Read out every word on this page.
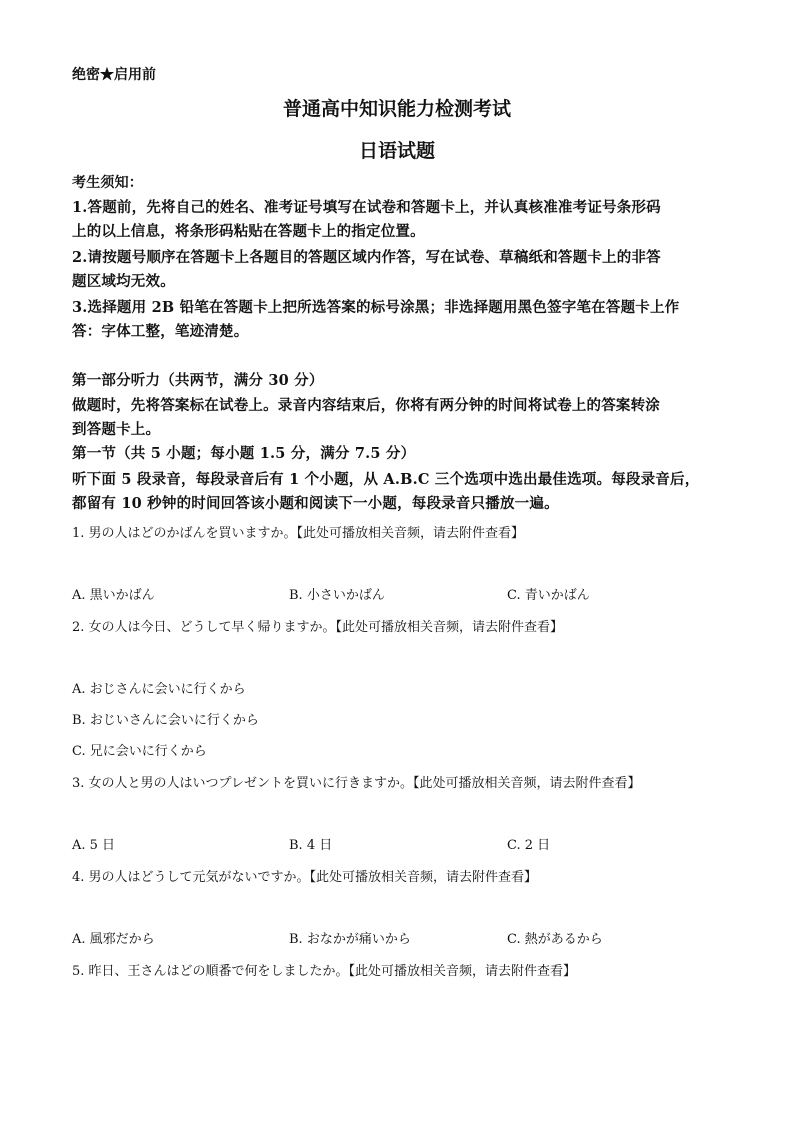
绝密★启用前
普通高中知识能力检测考试
日语试题
考生须知：
1.答题前，先将自己的姓名、准考证号填写在试卷和答题卡上，并认真核准准考证号条形码
上的以上信息，将条形码粘贴在答题卡上的指定位置。
2.请按题号顺序在答题卡上各题目的答题区域内作答，写在试卷、草稿纸和答题卡上的非答
题区域均无效。
3.选择题用 2B 铅笔在答题卡上把所选答案的标号涂黑；非选择题用黑色签字笔在答题卡上作
答：字体工整，笔迹清楚。
第一部分听力（共两节，满分 30 分）
做题时，先将答案标在试卷上。录音内容结束后，你将有两分钟的时间将试卷上的答案转涂
到答题卡上。
第一节（共 5 小题；每小题 1.5 分，满分 7.5 分）
听下面 5 段录音，每段录音后有 1 个小题，从 A.B.C 三个选项中选出最佳选项。每段录音后，
都留有 10 秒钟的时间回答该小题和阅读下一小题，每段录音只播放一遍。
1. 男の人はどのかばんを買いますか。【此处可播放相关音频，请去附件查看】
A. 黒いかばん	B. 小さいかばん	C. 青いかばん
2. 女の人は今日、どうして早く帰りますか。【此处可播放相关音频，请去附件查看】
A. おじさんに会いに行くから
B. おじいさんに会いに行くから
C. 兄に会いに行くから
3. 女の人と男の人はいつプレゼントを買いに行きますか。【此处可播放相关音频，请去附件查看】
A. 5 日	B. 4 日	C. 2 日
4. 男の人はどうして元気がないですか。【此处可播放相关音频，请去附件查看】
A. 風邪だから	B. おなかが痛いから	C. 熱があるから
5. 昨日、王さんはどの順番で何をしましたか。【此处可播放相关音频，请去附件查看】
